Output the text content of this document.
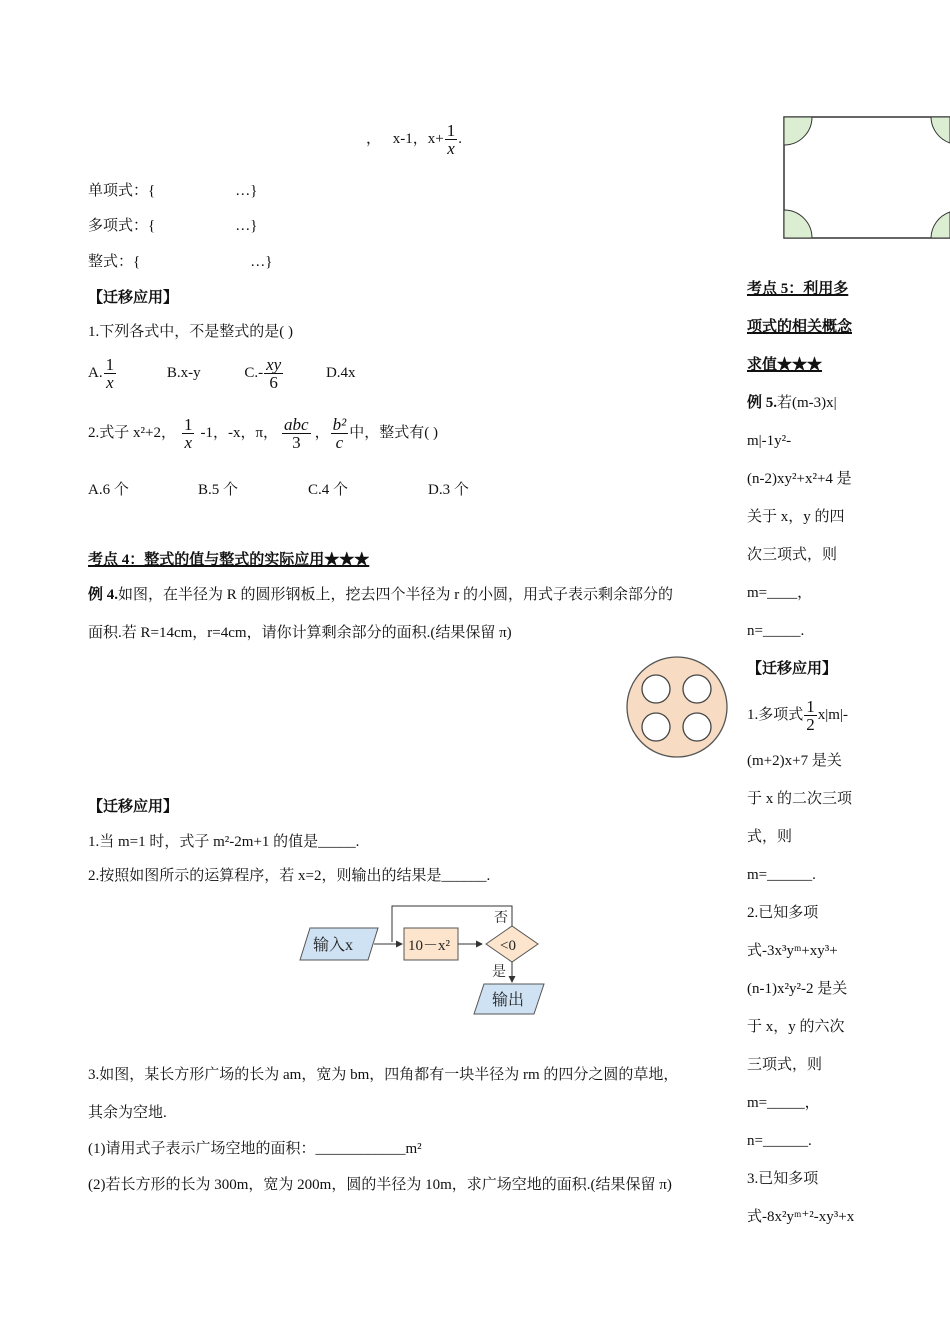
， x-1，$x+ \frac{1}{x}$ .
单项式：{	…}
多项式：{	…}
整式：{	…}
【迁移应用】
1.下列各式中，不是整式的是( )
A. $\frac{1}{x}$	B.x-y	$C.- \frac{xy}{6}$	D.4x
2.式子 x²+2， $\frac{1}{x} -1$，-x，π， $\frac{\text{abc}}{3}$ ， $\frac{\text{b²}}{c}$ 中，整式有( )
A.6 个	B.5 个	C.4 个	D.3 个
考点 4：整式的值与整式的实际应用★★★
例 4.如图，在半径为 R 的圆形钢板上，挖去四个半径为 r 的小圆，用式子表示剩余部分的
面积.若 R=14cm，r=4cm，请你计算剩余部分的面积.(结果保留 π)
【迁移应用】
1.当 m=1 时，式子 m²-2m+1 的值是_____.
2.按照如图所示的运算程序，若 x=2，则输出的结果是______.
输入x	10－x²	<0
否
是
输出
3.如图，某长方形广场的长为 am，宽为 bm，四角都有一块半径为 rm 的四分之圆的草地，
其余为空地.
(1)请用式子表示广场空地的面积：____________m²
(2)若长方形的长为 300m，宽为 200m，圆的半径为 10m，求广场空地的面积.(结果保留 π)
考点 5：利用多
项式的相关概念
求值★★★
例 5.若(m-3)x|
m|-1y²-
(n-2)xy²+x²+4 是
关于 x，y 的四
次三项式，则
m=____，
n=_____.
【迁移应用】
1.多项式 $\frac{1}{2} x|m|-$
(m+2)x+7 是关
于 x 的二次三项
式，则
m=______.
2.已知多项
式-3x³yᵐ+xy³+
(n-1)x²y²-2 是关
于 x，y 的六次
三项式，则
m=_____，
n=______.
3.已知多项
式-8x²yᵐ⁺²-xy³+x
